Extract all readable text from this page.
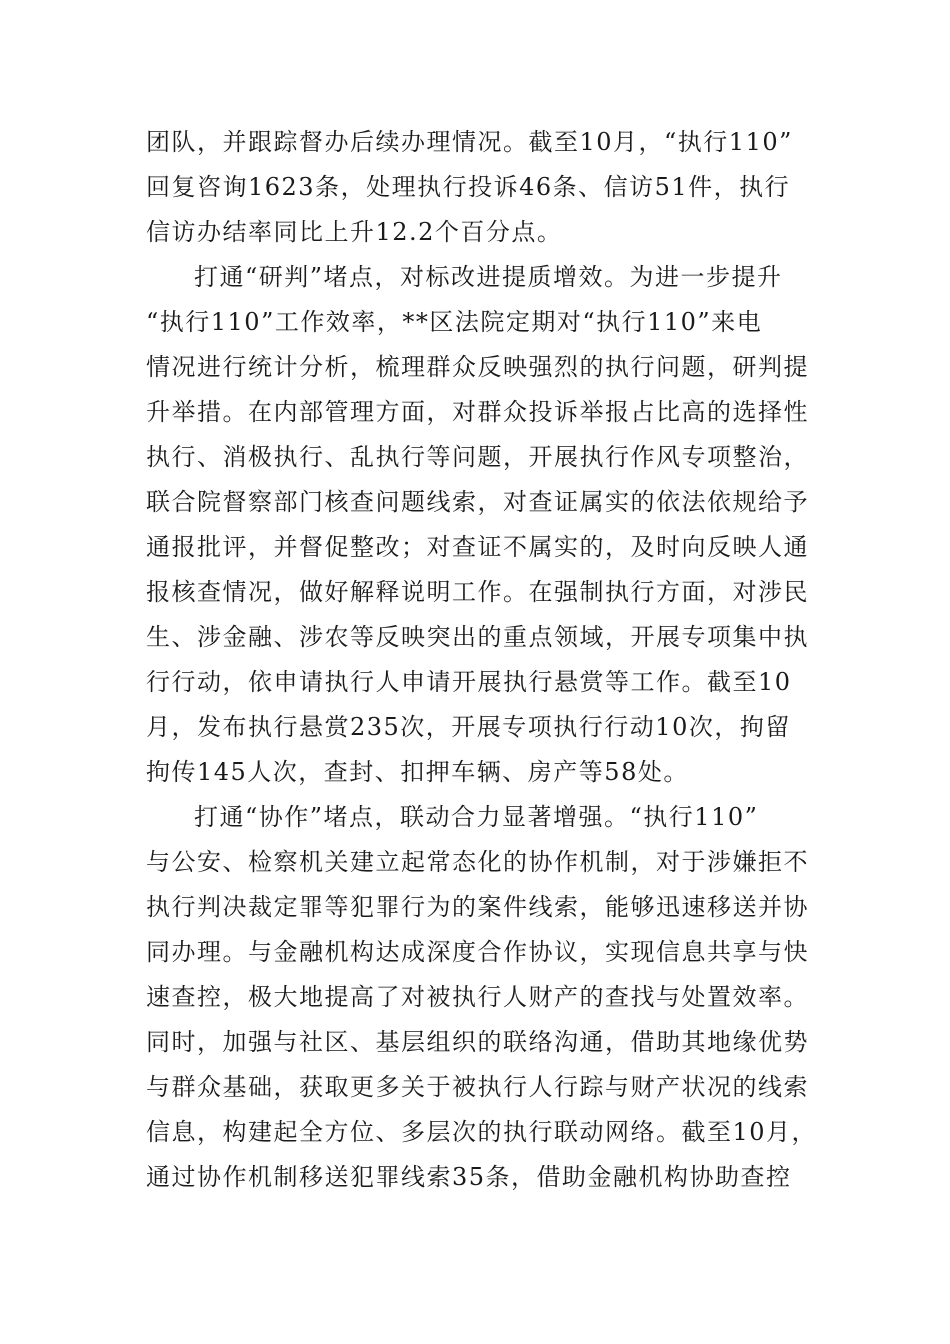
团队，并跟踪督办后续办理情况。截至10月，“执行110”
回复咨询1623条，处理执行投诉46条、信访51件，执行
信访办结率同比上升12.2个百分点。
打通“研判”堵点，对标改进提质增效。为进一步提升
“执行110”工作效率，**区法院定期对“执行110”来电
情况进行统计分析，梳理群众反映强烈的执行问题，研判提
升举措。在内部管理方面，对群众投诉举报占比高的选择性
执行、消极执行、乱执行等问题，开展执行作风专项整治，
联合院督察部门核查问题线索，对查证属实的依法依规给予
通报批评，并督促整改；对查证不属实的，及时向反映人通
报核查情况，做好解释说明工作。在强制执行方面，对涉民
生、涉金融、涉农等反映突出的重点领域，开展专项集中执
行行动，依申请执行人申请开展执行悬赏等工作。截至10
月，发布执行悬赏235次，开展专项执行行动10次，拘留
拘传145人次，查封、扣押车辆、房产等58处。
打通“协作”堵点，联动合力显著增强。“执行110”
与公安、检察机关建立起常态化的协作机制，对于涉嫌拒不
执行判决裁定罪等犯罪行为的案件线索，能够迅速移送并协
同办理。与金融机构达成深度合作协议，实现信息共享与快
速查控，极大地提高了对被执行人财产的查找与处置效率。
同时，加强与社区、基层组织的联络沟通，借助其地缘优势
与群众基础，获取更多关于被执行人行踪与财产状况的线索
信息，构建起全方位、多层次的执行联动网络。截至10月，
通过协作机制移送犯罪线索35条，借助金融机构协助查控
